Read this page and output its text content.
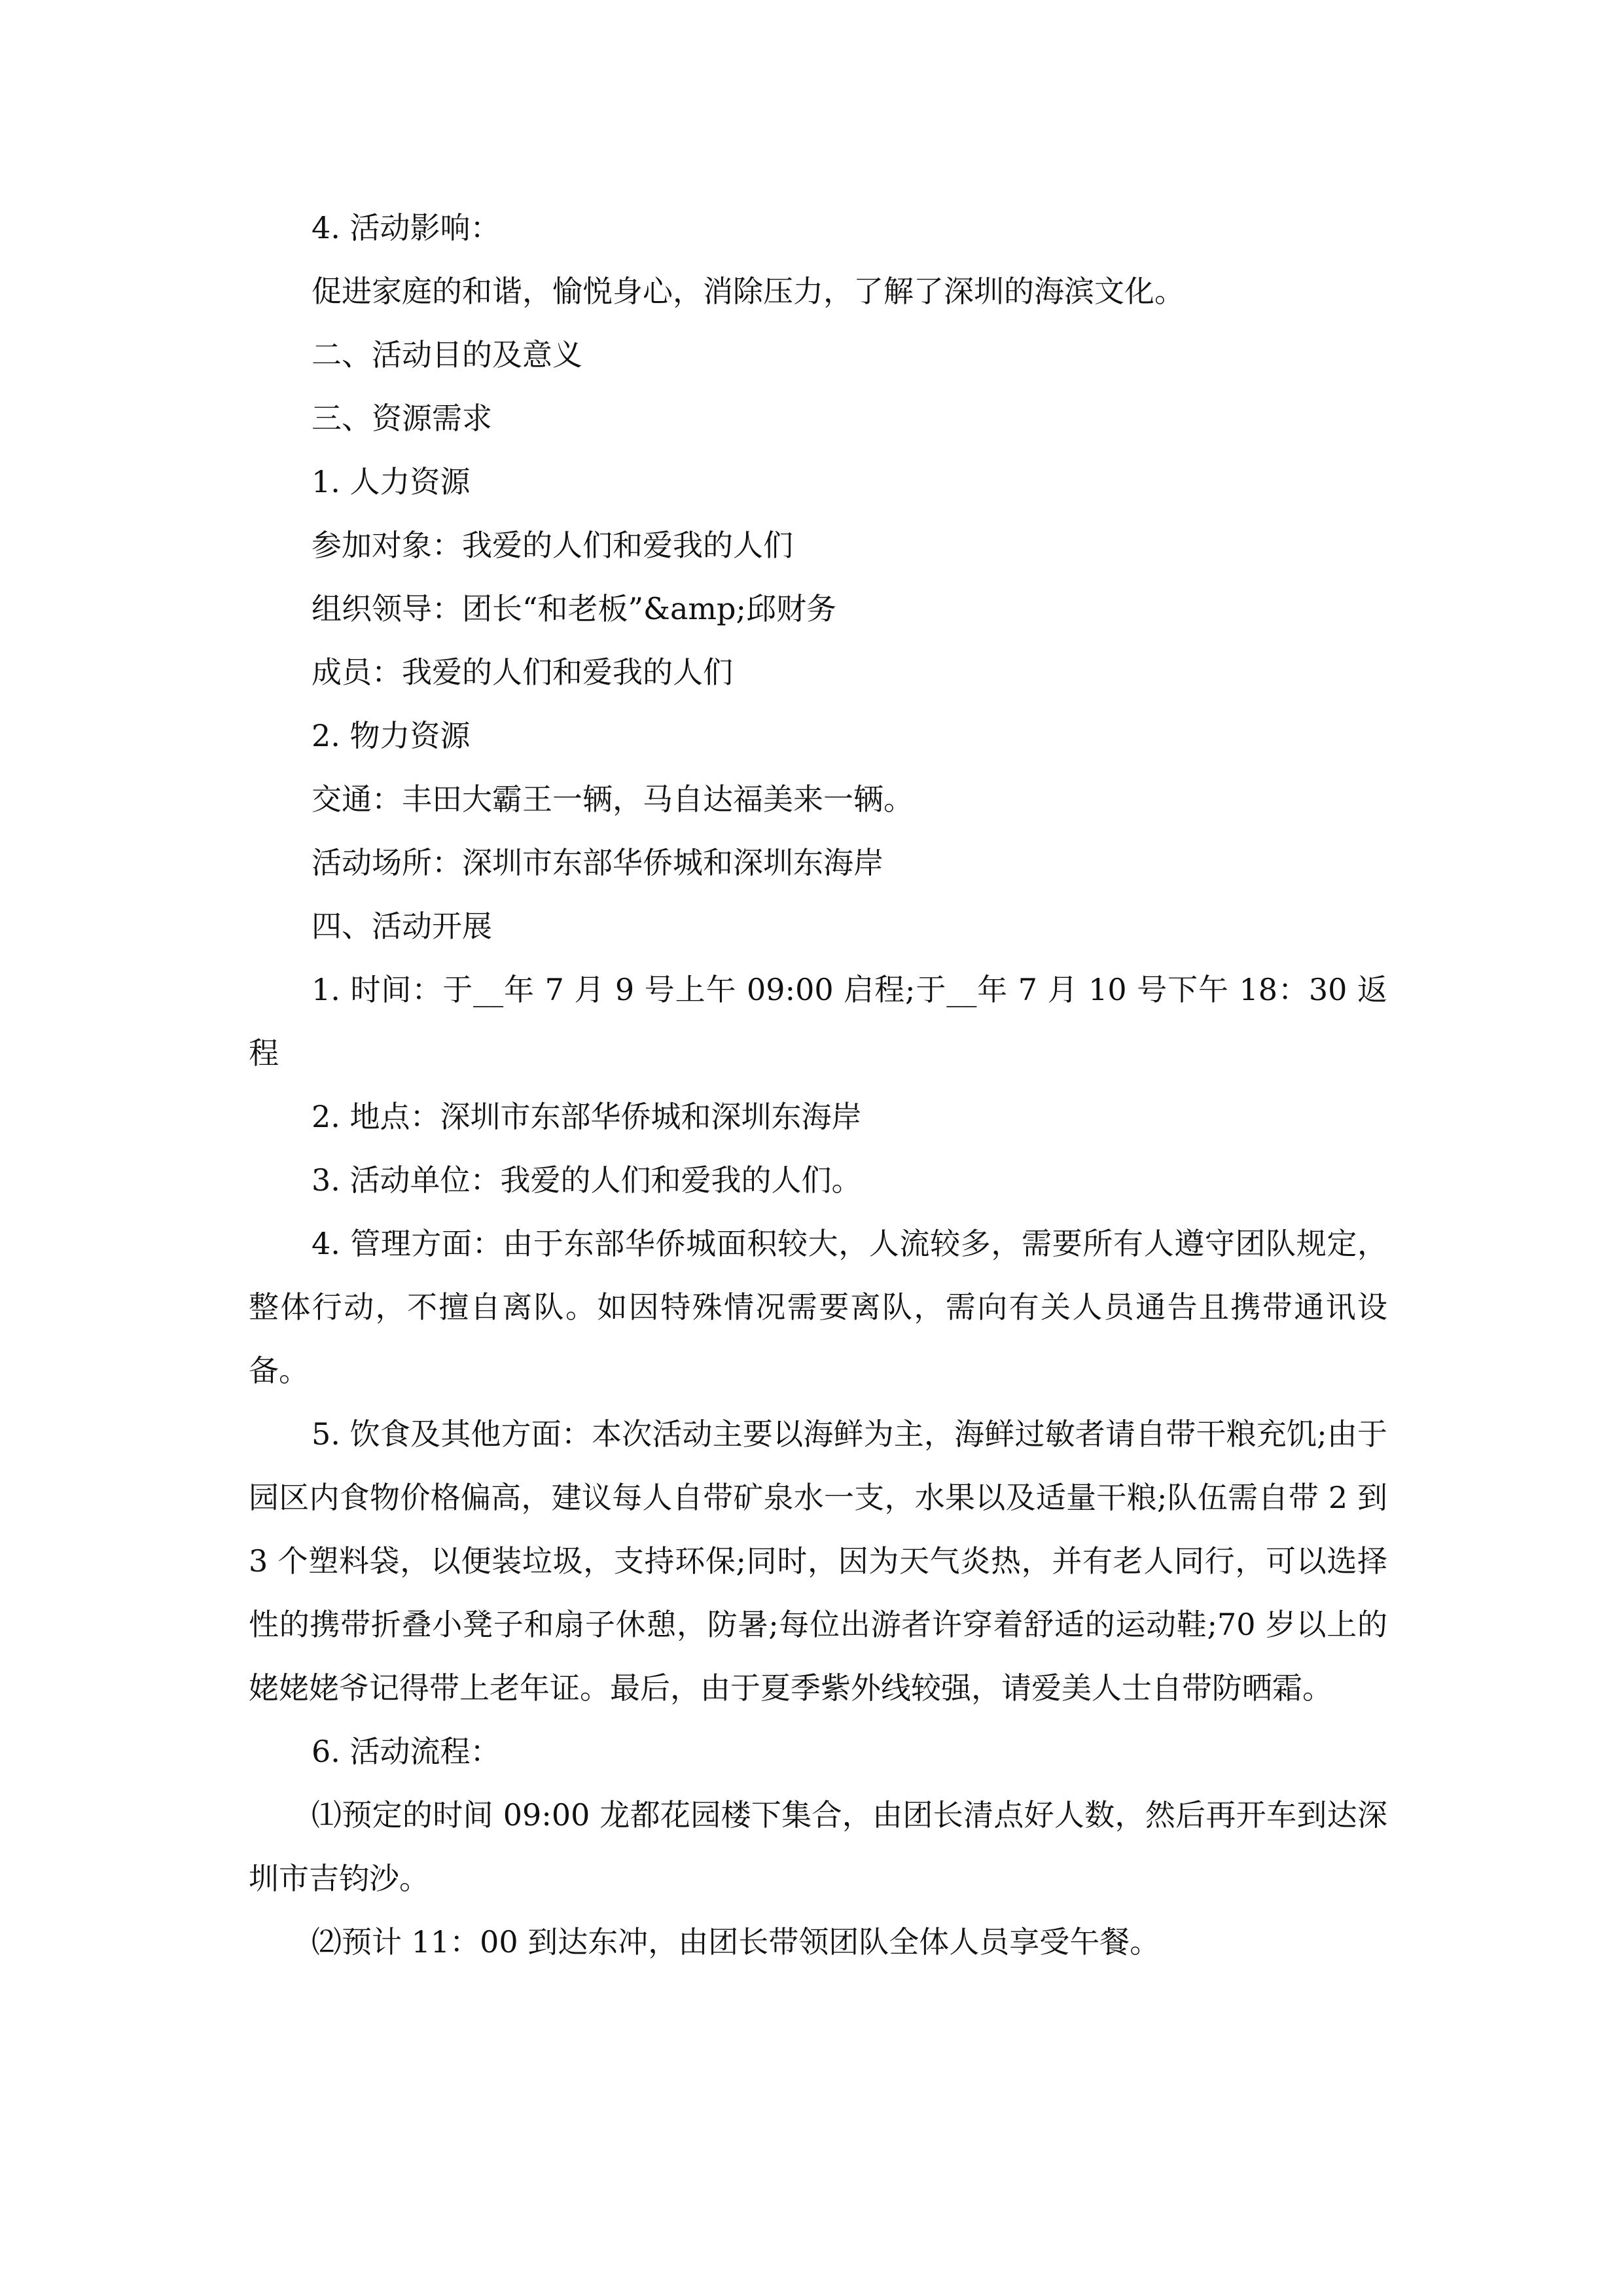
4. 活动影响：

促进家庭的和谐，愉悦身心，消除压力，了解了深圳的海滨文化。

二、活动目的及意义

三、资源需求

1. 人力资源

参加对象：我爱的人们和爱我的人们

组织领导：团长“和老板”&amp;邱财务

成员：我爱的人们和爱我的人们

2. 物力资源

交通：丰田大霸王一辆，马自达福美来一辆。

活动场所：深圳市东部华侨城和深圳东海岸

四、活动开展

1. 时间：于__年 7 月 9 号上午 09:00 启程;于__年 7 月 10 号下午 18：30 返程

2. 地点：深圳市东部华侨城和深圳东海岸

3. 活动单位：我爱的人们和爱我的人们。

4. 管理方面：由于东部华侨城面积较大，人流较多，需要所有人遵守团队规定，整体行动，不擅自离队。如因特殊情况需要离队，需向有关人员通告且携带通讯设备。

5. 饮食及其他方面：本次活动主要以海鲜为主，海鲜过敏者请自带干粮充饥;由于园区内食物价格偏高，建议每人自带矿泉水一支，水果以及适量干粮;队伍需自带 2 到 3 个塑料袋，以便装垃圾，支持环保;同时，因为天气炎热，并有老人同行，可以选择性的携带折叠小凳子和扇子休憩，防暑;每位出游者许穿着舒适的运动鞋;70 岁以上的姥姥姥爷记得带上老年证。最后，由于夏季紫外线较强，请爱美人士自带防晒霜。

6. 活动流程：

⑴预定的时间 09:00 龙都花园楼下集合，由团长清点好人数，然后再开车到达深圳市吉钧沙。

⑵预计 11：00 到达东冲，由团长带领团队全体人员享受午餐。
